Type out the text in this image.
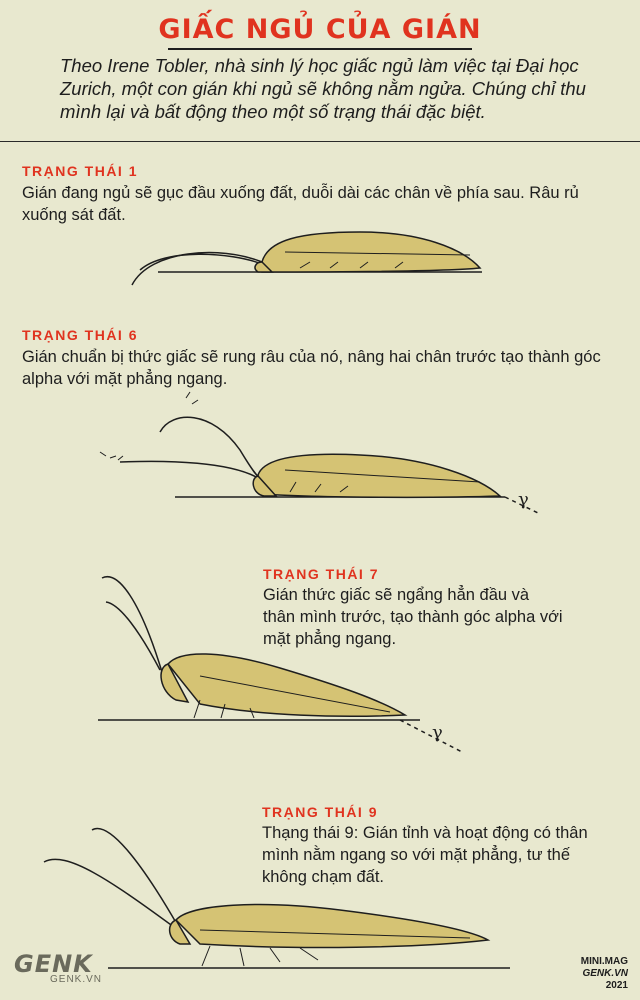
GIẤC NGỦ CỦA GIÁN
Theo Irene Tobler, nhà sinh lý học giấc ngủ làm việc tại Đại học Zurich, một con gián khi ngủ sẽ không nằm ngửa. Chúng chỉ thu mình lại và bất động theo một số trạng thái đặc biệt.
TRẠNG THÁI 1
Gián đang ngủ sẽ gục đầu xuống đất, duỗi dài các chân về phía sau. Râu rủ xuống sát đất.
TRẠNG THÁI 6
Gián chuẩn bị thức giấc sẽ rung râu của nó, nâng hai chân trước tạo thành góc alpha với mặt phẳng ngang.
TRẠNG THÁI 7
Gián thức giấc sẽ ngẩng hẳn đầu và thân mình trước, tạo thành góc alpha với mặt phẳng ngang.
TRẠNG THÁI 9
Thạng thái 9: Gián tỉnh và hoạt động có thân mình nằm ngang so với mặt phẳng, tư thế không chạm đất.
γ
γ
GENK
GENK.VN
MINI.MAG
GENK.VN
2021
